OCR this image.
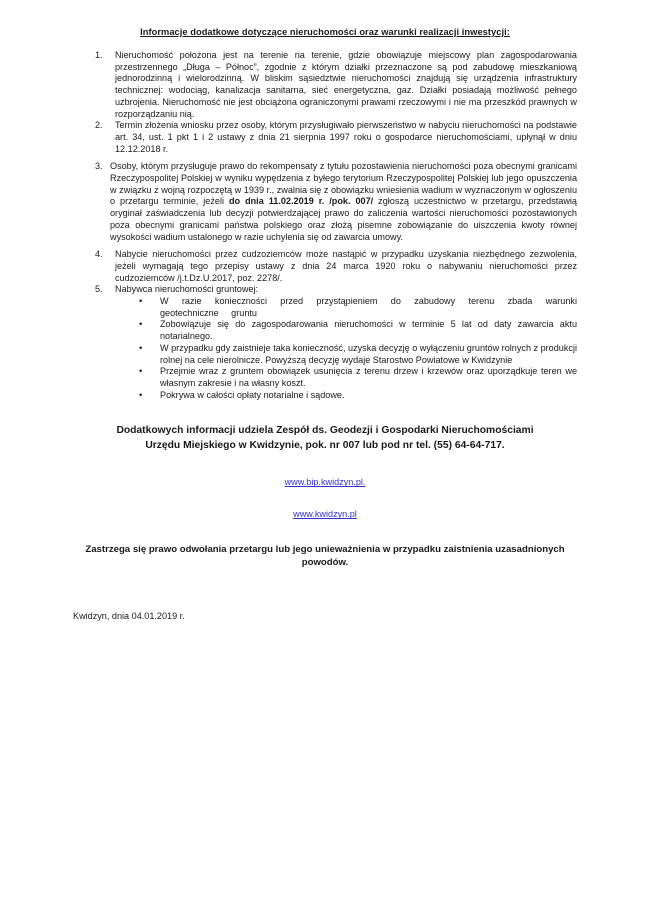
Informacje dodatkowe dotyczące nieruchomości oraz warunki realizacji inwestycji:
1.	Nieruchomość położona jest na terenie na terenie, gdzie obowiązuje miejscowy plan zagospodarowania przestrzennego „Długa – Północ”, zgodnie z którym działki przeznaczone są pod zabudowę mieszkaniową jednorodzinną i wielorodzinną. W bliskim sąsiedztwie nieruchomości znajdują się urządzenia infrastruktury technicznej: wodociąg, kanalizacja sanitarna, sieć energetyczna, gaz. Działki posiadają możliwość pełnego uzbrojenia. Nieruchomość nie jest obciążona ograniczonymi prawami rzeczowymi i nie ma przeszkód prawnych w rozporządzaniu nią.
2.	Termin złożenia wniosku przez osoby, którym przysługiwało pierwszeństwo w nabyciu nieruchomości na podstawie art. 34, ust. 1 pkt 1 i 2 ustawy z dnia 21 sierpnia 1997 roku o gospodarce nieruchomościami, upłynął w dniu 12.12.2018 r.
3. Osoby, którym przysługuje prawo do rekompensaty z tytułu pozostawienia nieruchomości poza obecnymi granicami Rzeczypospolitej Polskiej w wyniku wypędzenia z byłego terytorium Rzeczypospolitej Polskiej lub jego opuszczenia w związku z wojną rozpoczętą w 1939 r., zwalnia się z obowiązku wniesienia wadium w wyznaczonym w ogłoszeniu o przetargu terminie, jeżeli do dnia 11.02.2019 r. /pok. 007/ zgłoszą uczestnictwo w przetargu, przedstawią oryginał zaświadczenia lub decyzji potwierdzającej prawo do zaliczenia wartości nieruchomości pozostawionych poza obecnymi granicami państwa polskiego oraz złożą pisemne zobowiązanie do uiszczenia kwoty równej wysokości wadium ustalonego w razie uchylenia się od zawarcia umowy.
4.	Nabycie nieruchomości przez cudzoziemców może nastąpić w przypadku uzyskania niezbędnego zezwolenia, jeżeli wymagają tego przepisy ustawy z dnia 24 marca 1920 roku o nabywaniu nieruchomości przez cudzoziemców /j.t.Dz.U.2017, poz. 2278/.
5.	Nabywca nieruchomości gruntowej:
• W razie konieczności przed przystąpieniem do zabudowy terenu zbada warunki geotechniczne gruntu
• Zobowiązuje się do zagospodarowania nieruchomości w terminie 5 lat od daty zawarcia aktu notarialnego.
• W przypadku gdy zaistnieje taka konieczność, uzyska decyzję o wyłączeniu gruntów rolnych z produkcji rolnej na cele nierolnicze. Powyższą decyzję wydaje Starostwo Powiatowe w Kwidzynie
• Przejmie wraz z gruntem obowiązek usunięcia z terenu drzew i krzewów oraz uporządkuje teren we własnym zakresie i na własny koszt.
• Pokrywa w całości opłaty notarialne i sądowe.
Dodatkowych informacji udziela Zespół ds. Geodezji i Gospodarki Nieruchomościami
Urzędu Miejskiego w Kwidzynie, pok. nr 007 lub pod nr tel. (55) 64-64-717.
www.bip.kwidzyn.pl.
www.kwidzyn.pl
Zastrzega się prawo odwołania przetargu lub jego unieważnienia w przypadku zaistnienia uzasadnionych powodów.
Kwidzyn, dnia 04.01.2019 r.
